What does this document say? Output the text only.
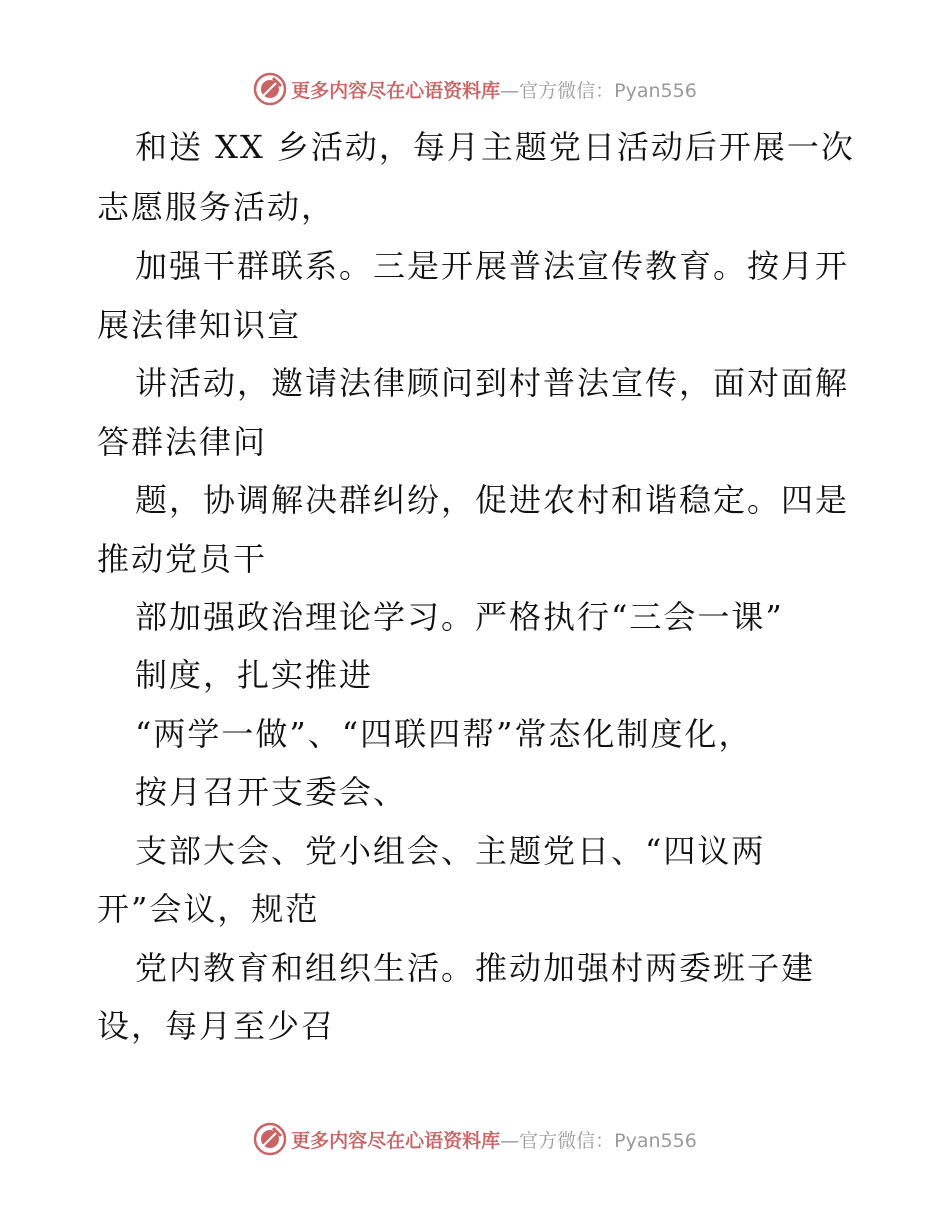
更多内容尽在心语资料库 —官方微信：Pyan556
和送 XX 乡活动，每月主题党日活动后开展一次
志愿服务活动，
加强干群联系。三是开展普法宣传教育。按月开
展法律知识宣
讲活动，邀请法律顾问到村普法宣传，面对面解
答群法律问
题，协调解决群纠纷，促进农村和谐稳定。四是
推动党员干
部加强政治理论学习。严格执行“三会一课”
制度，扎实推进
“两学一做”、“四联四帮”常态化制度化，
按月召开支委会、
支部大会、党小组会、主题党日、“四议两
开”会议，规范
党内教育和组织生活。推动加强村两委班子建
设，每月至少召
更多内容尽在心语资料库 —官方微信：Pyan556
